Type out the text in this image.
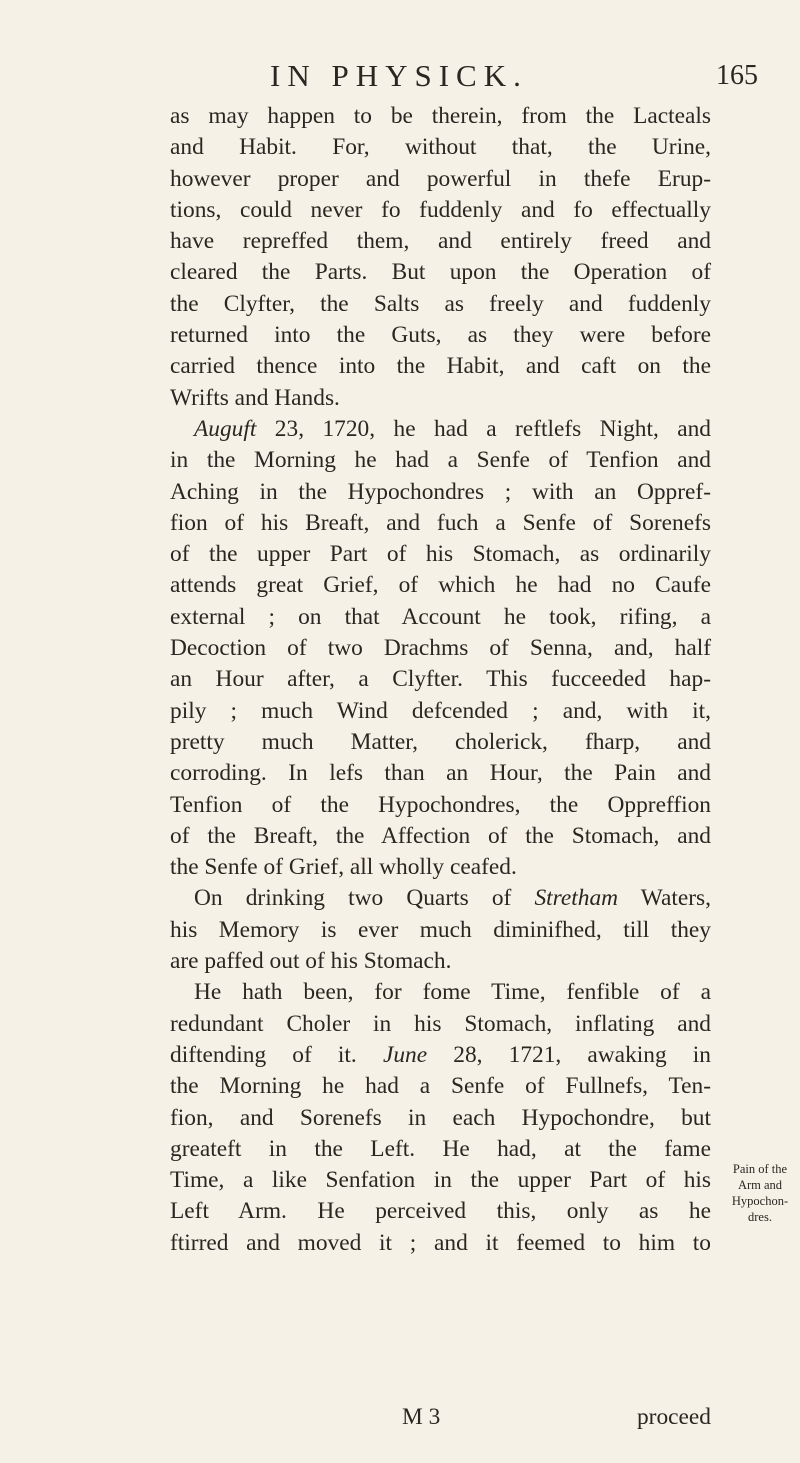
IN PHYSICK.	165
as may happen to be therein, from the Lacteals
and Habit. For, without that, the Urine,
however proper and powerful in thefe Erup-
tions, could never fo fuddenly and fo effectually
have repreffed them, and entirely freed and
cleared the Parts. But upon the Operation of
the Clyfter, the Salts as freely and fuddenly
returned into the Guts, as they were before
carried thence into the Habit, and caft on the
Wrifts and Hands.
Auguft 23, 1720, he had a reftlefs Night, and
in the Morning he had a Senfe of Tenfion and
Aching in the Hypochondres ; with an Oppref-
fion of his Breaft, and fuch a Senfe of Sorenefs
of the upper Part of his Stomach, as ordinarily
attends great Grief, of which he had no Caufe
external ; on that Account he took, rifing, a
Decoction of two Drachms of Senna, and, half
an Hour after, a Clyfter. This fucceeded hap-
pily ; much Wind defcended ; and, with it,
pretty much Matter, cholerick, fharp, and
corroding. In lefs than an Hour, the Pain and
Tenfion of the Hypochondres, the Oppreffion
of the Breaft, the Affection of the Stomach, and
the Senfe of Grief, all wholly ceafed.
On drinking two Quarts of Stretham Waters,
his Memory is ever much diminifhed, till they
are paffed out of his Stomach.
He hath been, for fome Time, fenfible of a
redundant Choler in his Stomach, inflating and
diftending of it. June 28, 1721, awaking in
the Morning he had a Senfe of Fullnefs, Ten-
fion, and Sorenefs in each Hypochondre, but
greateft in the Left. He had, at the fame
Time, a like Senfation in the upper Part of his
Left Arm. He perceived this, only as he
ftirred and moved it ; and it feemed to him to
Pain of the
Arm and
Hypochon-
dres.
M 3	proceed
